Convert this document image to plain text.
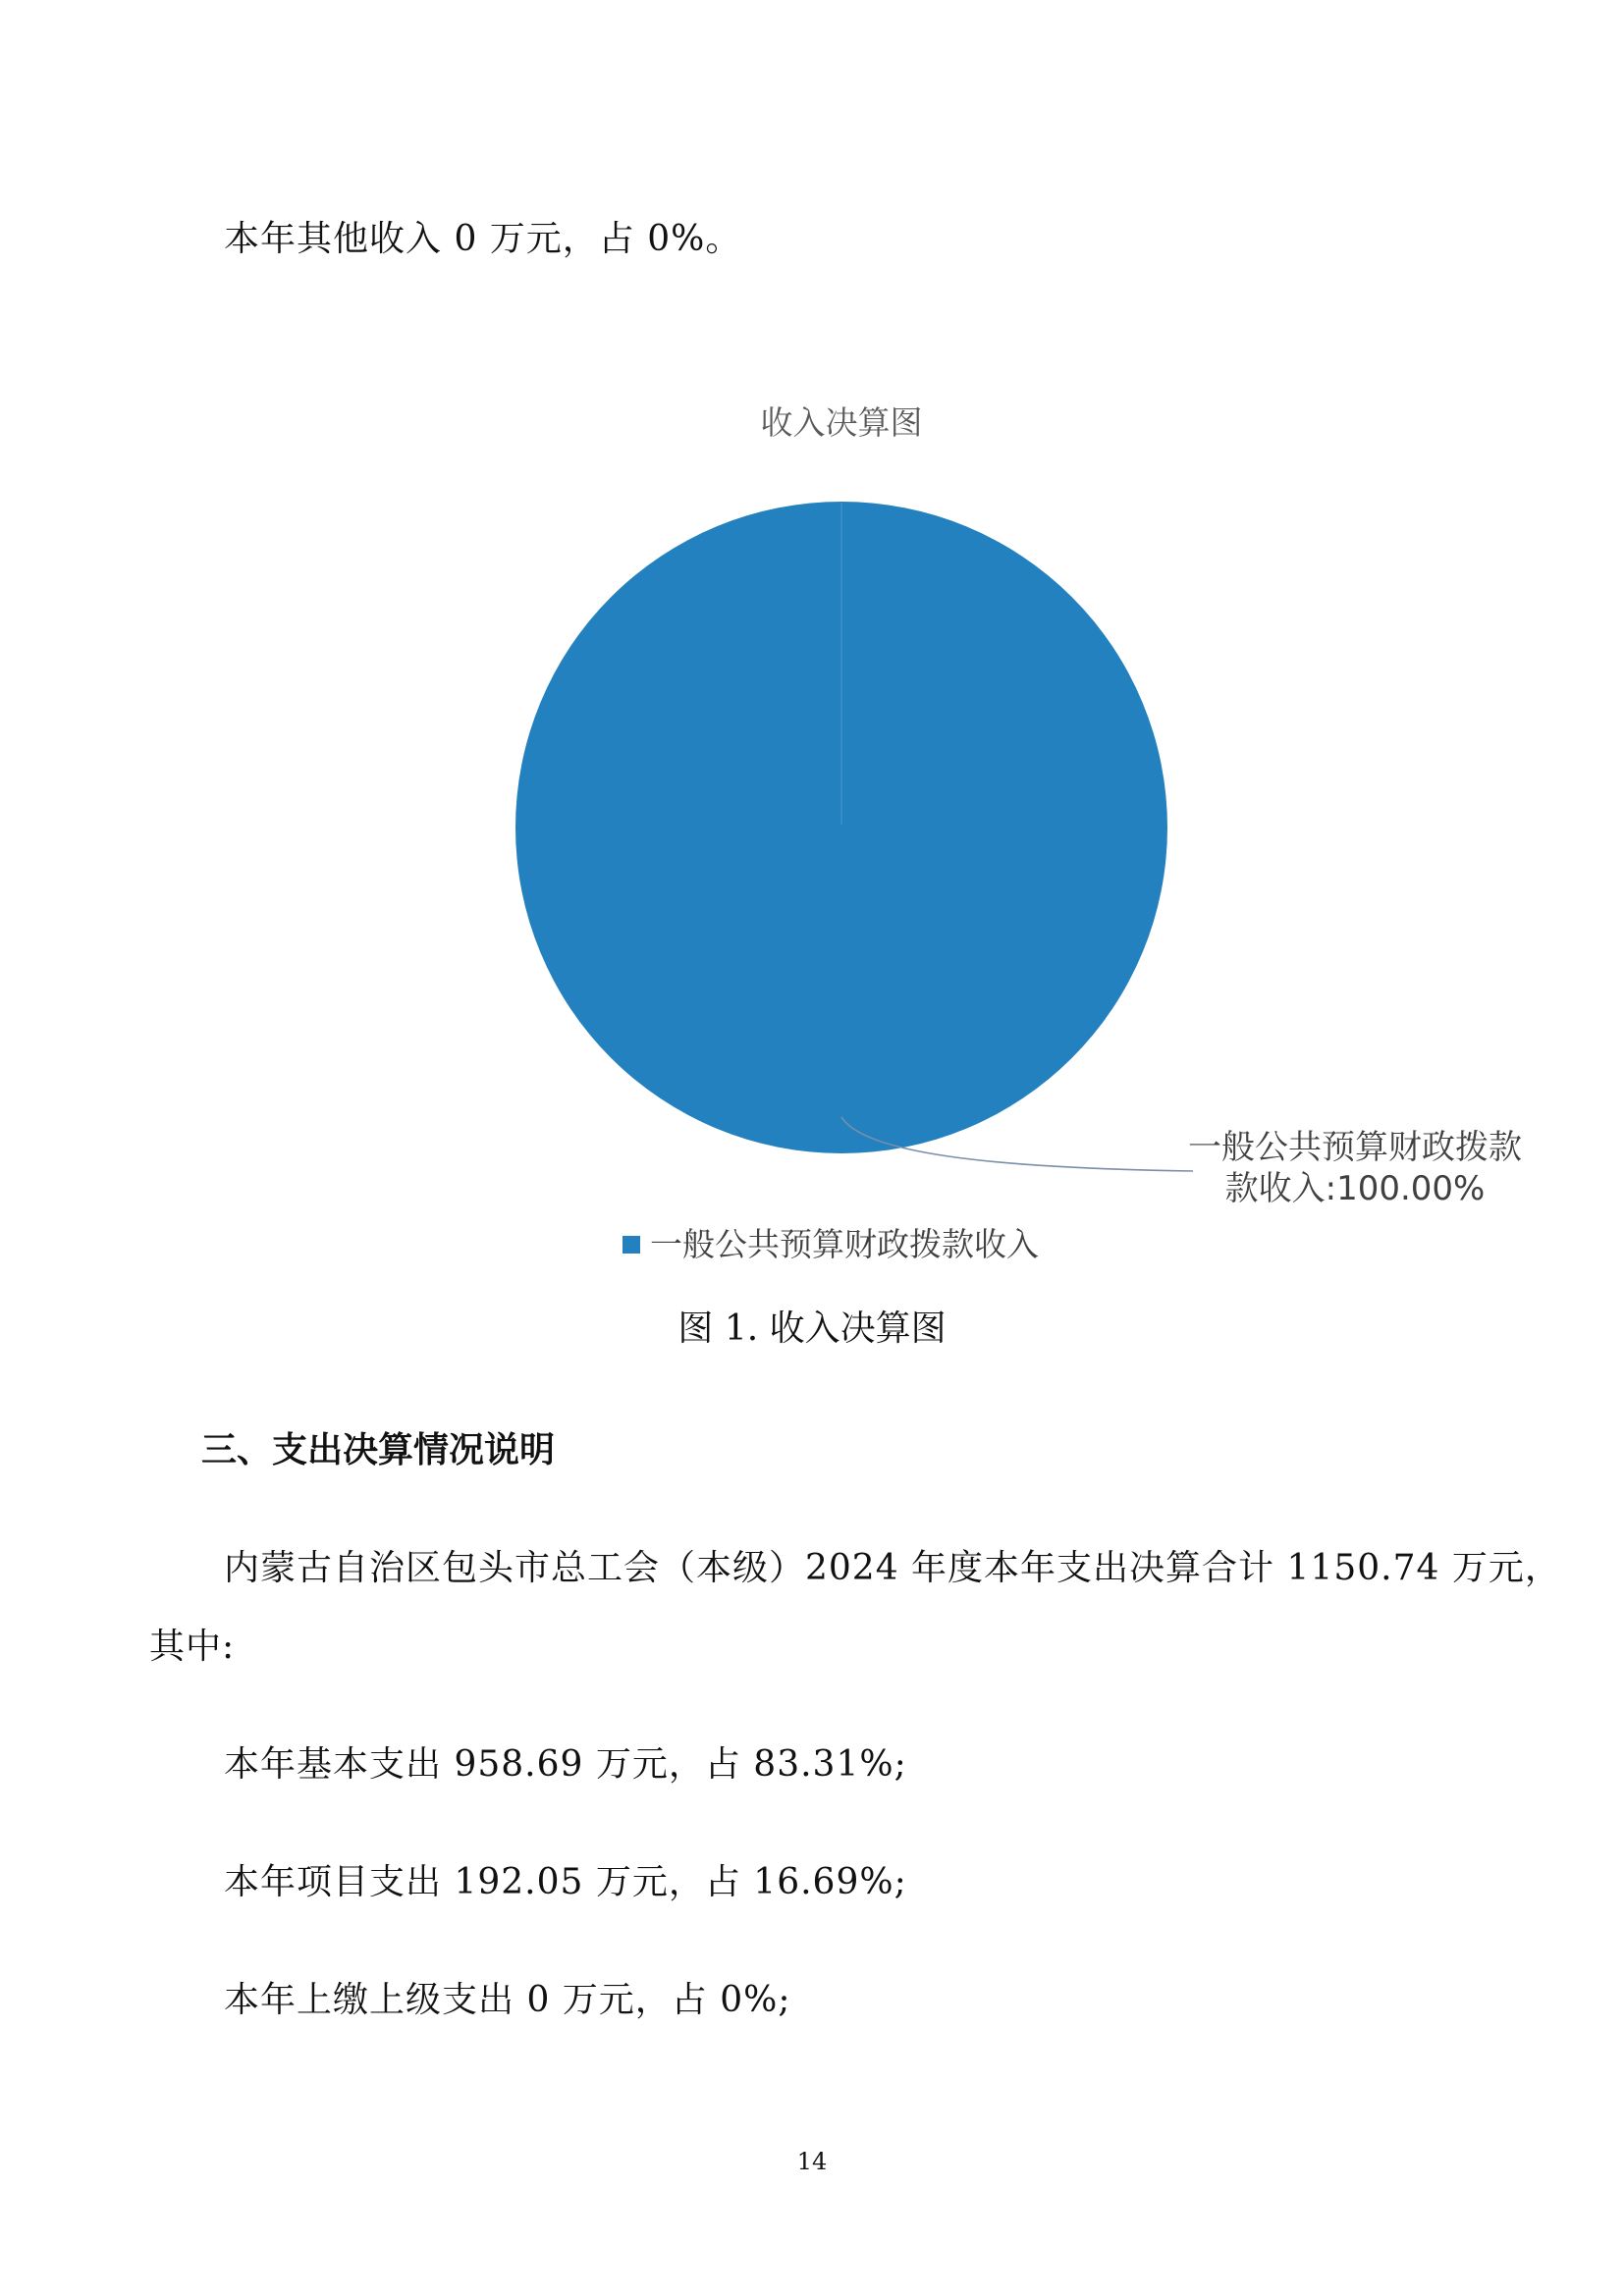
本年其他收入 0 万元，占 0%。
收入决算图
一般公共预算财政拨款
款收入:100.00%
一般公共预算财政拨款收入
图 1. 收入决算图
三、支出决算情况说明
内蒙古自治区包头市总工会（本级）2024 年度本年支出决算合计 1150.74 万元，
其中:
本年基本支出 958.69 万元，占 83.31%;
本年项目支出 192.05 万元，占 16.69%;
本年上缴上级支出 0 万元，占 0%;
14
